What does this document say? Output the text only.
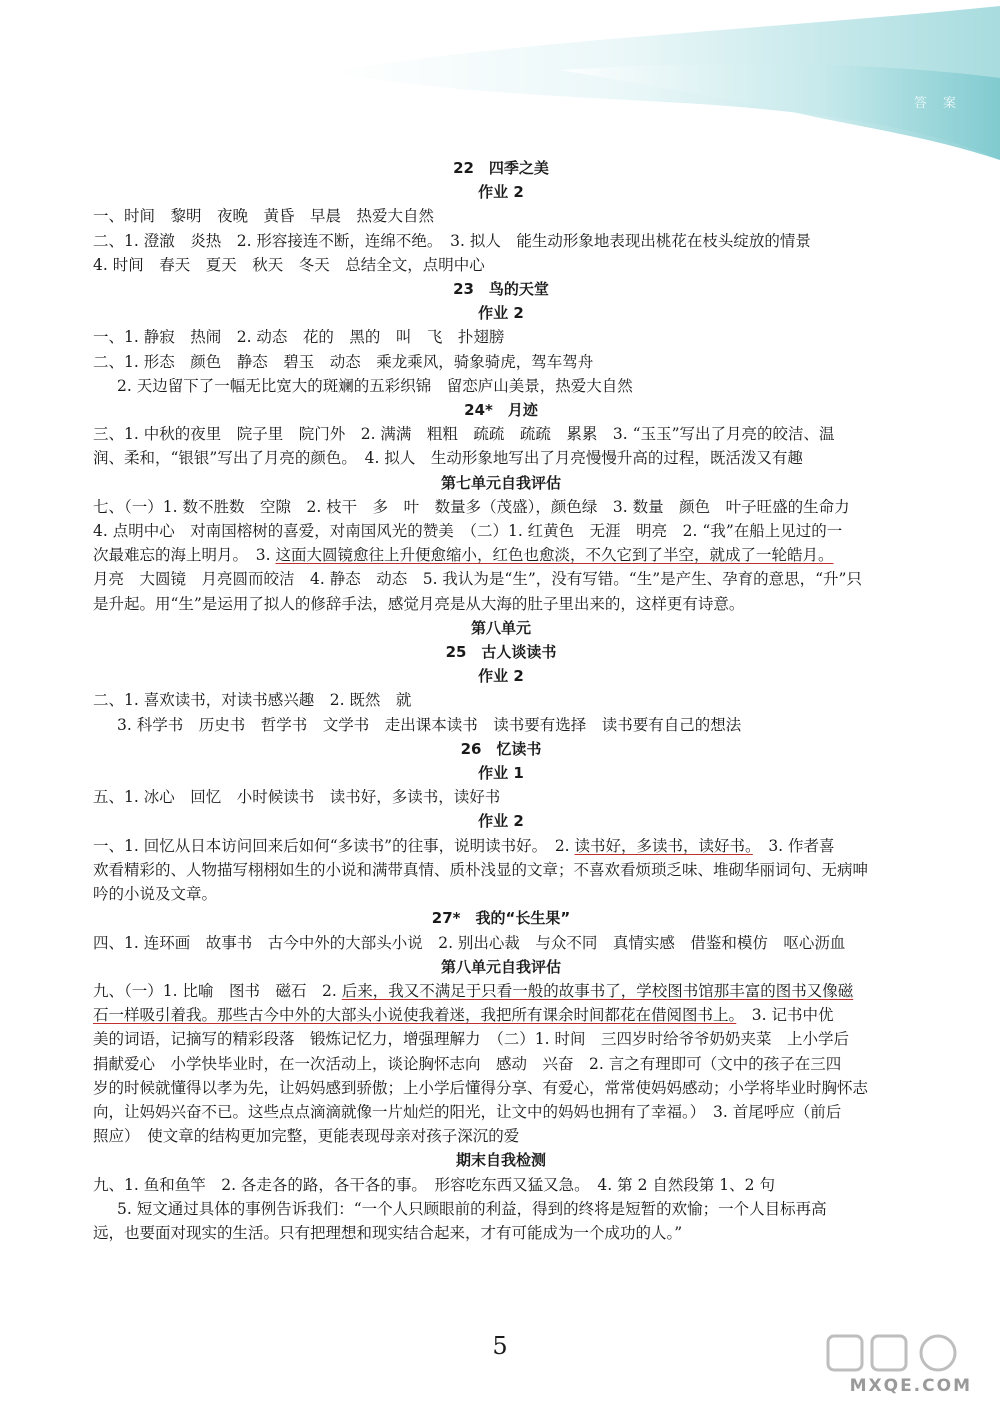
答 案
22　四季之美
作业 2
一、时间　黎明　夜晚　黄昏　早晨　热爱大自然
二、1. 澄澈　炎热　2. 形容接连不断，连绵不绝。　3. 拟人　能生动形象地表现出桃花在枝头绽放的情景
4. 时间　春天　夏天　秋天　冬天　总结全文，点明中心
23　鸟的天堂
作业 2
一、1. 静寂　热闹　2. 动态　花的　黑的　叫　飞　扑翅膀
二、1. 形态　颜色　静态　碧玉　动态　乘龙乘风，骑象骑虎，驾车驾舟
2. 天边留下了一幅无比宽大的斑斓的五彩织锦　留恋庐山美景，热爱大自然
24*　月迹
三、1. 中秋的夜里　院子里　院门外　2. 满满　粗粗　疏疏　疏疏　累累　3. “玉玉”写出了月亮的皎洁、温
润、柔和，“银银”写出了月亮的颜色。　4. 拟人　生动形象地写出了月亮慢慢升高的过程，既活泼又有趣
第七单元自我评估
七、（一）1. 数不胜数　空隙　2. 枝干　多　叶　数量多（茂盛），颜色绿　3. 数量　颜色　叶子旺盛的生命力
4. 点明中心　对南国榕树的喜爱，对南国风光的赞美　（二）1. 红黄色　无涯　明亮　2. “我”在船上见过的一
次最难忘的海上明月。　3. 这面大圆镜愈往上升便愈缩小，红色也愈淡，不久它到了半空，就成了一轮皓月。
月亮　大圆镜　月亮圆而皎洁　4. 静态　动态　5. 我认为是“生”，没有写错。“生”是产生、孕育的意思，“升”只
是升起。用“生”是运用了拟人的修辞手法，感觉月亮是从大海的肚子里出来的，这样更有诗意。
第八单元
25　古人谈读书
作业 2
二、1. 喜欢读书，对读书感兴趣　2. 既然　就
3. 科学书　历史书　哲学书　文学书　走出课本读书　读书要有选择　读书要有自己的想法
26　忆读书
作业 1
五、1. 冰心　回忆　小时候读书　读书好，多读书，读好书
作业 2
一、1. 回忆从日本访问回来后如何“多读书”的往事，说明读书好。　2. 读书好，多读书，读好书。　3. 作者喜
欢看精彩的、人物描写栩栩如生的小说和满带真情、质朴浅显的文章；不喜欢看烦琐乏味、堆砌华丽词句、无病呻
吟的小说及文章。
27*　我的“长生果”
四、1. 连环画　故事书　古今中外的大部头小说　2. 别出心裁　与众不同　真情实感　借鉴和模仿　呕心沥血
第八单元自我评估
九、（一）1. 比喻　图书　磁石　2. 后来，我又不满足于只看一般的故事书了，学校图书馆那丰富的图书又像磁
石一样吸引着我。那些古今中外的大部头小说使我着迷，我把所有课余时间都花在借阅图书上。　3. 记书中优
美的词语，记摘写的精彩段落　锻炼记忆力，增强理解力　（二）1. 时间　三四岁时给爷爷奶奶夹菜　上小学后
捐献爱心　小学快毕业时，在一次活动上，谈论胸怀志向　感动　兴奋　2. 言之有理即可（文中的孩子在三四
岁的时候就懂得以孝为先，让妈妈感到骄傲；上小学后懂得分享、有爱心，常常使妈妈感动；小学将毕业时胸怀志
向，让妈妈兴奋不已。这些点点滴滴就像一片灿烂的阳光，让文中的妈妈也拥有了幸福。）　3. 首尾呼应（前后
照应）　使文章的结构更加完整，更能表现母亲对孩子深沉的爱
期末自我检测
九、1. 鱼和鱼竿　2. 各走各的路，各干各的事。　形容吃东西又猛又急。　4. 第 2 自然段第 1、2 句
5. 短文通过具体的事例告诉我们：“一个人只顾眼前的利益，得到的终将是短暂的欢愉；一个人目标再高
远，也要面对现实的生活。只有把理想和现实结合起来，才有可能成为一个成功的人。”
5
MXQE.COM
